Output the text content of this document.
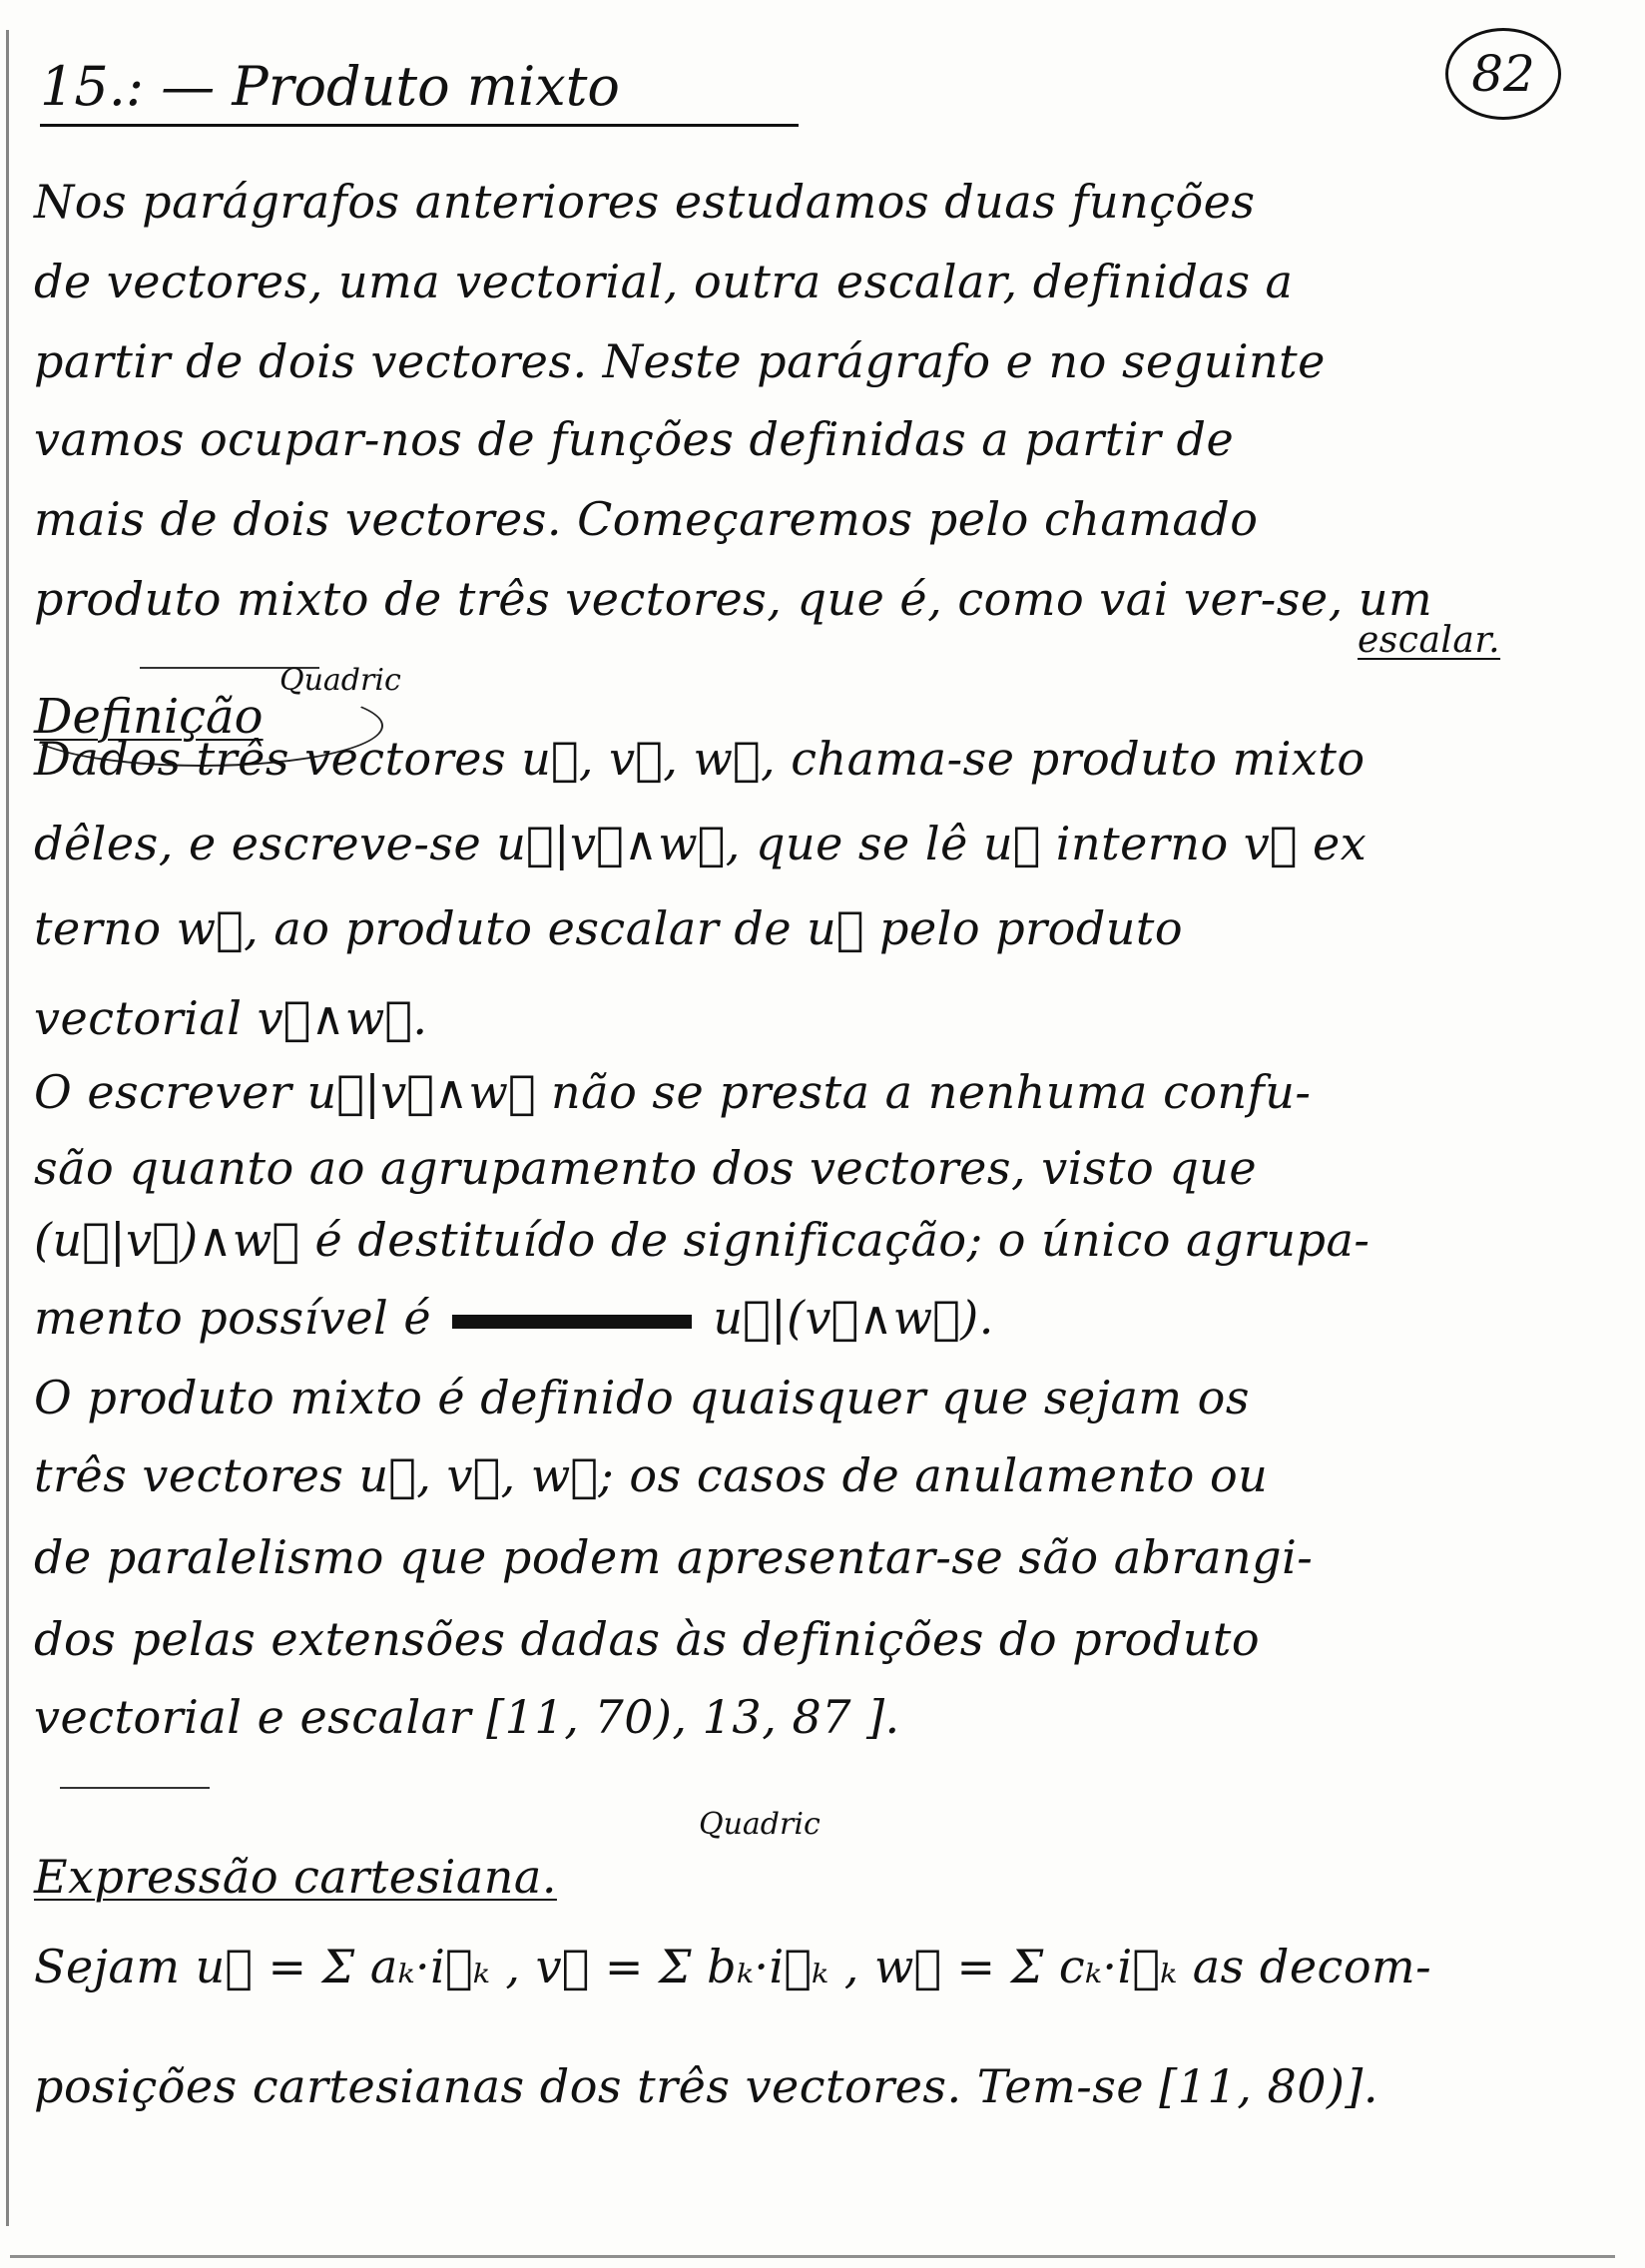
82
15.: — Produto mixto
Nos parágrafos anteriores estudamos duas funções
de vectores, uma vectorial, outra escalar, definidas a
partir de dois vectores. Neste parágrafo e no seguinte
vamos ocupar-nos de funções definidas a partir de
mais de dois vectores. Começaremos pelo chamado
produto mixto de três vectores, que é, como vai ver-se, um
escalar.
Definição
Quadric
Dados três vectores u⃗, v⃗, w⃗, chama-se produto mixto
dêles, e escreve-se u⃗|v⃗∧w⃗, que se lê u⃗ interno v⃗ ex
terno w⃗, ao produto escalar de u⃗ pelo produto
vectorial v⃗∧w⃗.
O escrever u⃗|v⃗∧w⃗ não se presta a nenhuma confu-
são quanto ao agrupamento dos vectores, visto que
(u⃗|v⃗)∧w⃗ é destituído de significação; o único agrupa-
mento possível é	u⃗|(v⃗∧w⃗).
O produto mixto é definido quaisquer que sejam os
três vectores u⃗, v⃗, w⃗; os casos de anulamento ou
de paralelismo que podem apresentar-se são abrangi-
dos pelas extensões dadas às definições do produto
vectorial e escalar [11, 70), 13, 87 ].
Expressão cartesiana.
Quadric
Sejam u⃗ = Σ aₖ·i⃗ₖ , v⃗ = Σ bₖ·i⃗ₖ , w⃗ = Σ cₖ·i⃗ₖ as decom-
posições cartesianas dos três vectores. Tem-se [11, 80)].
